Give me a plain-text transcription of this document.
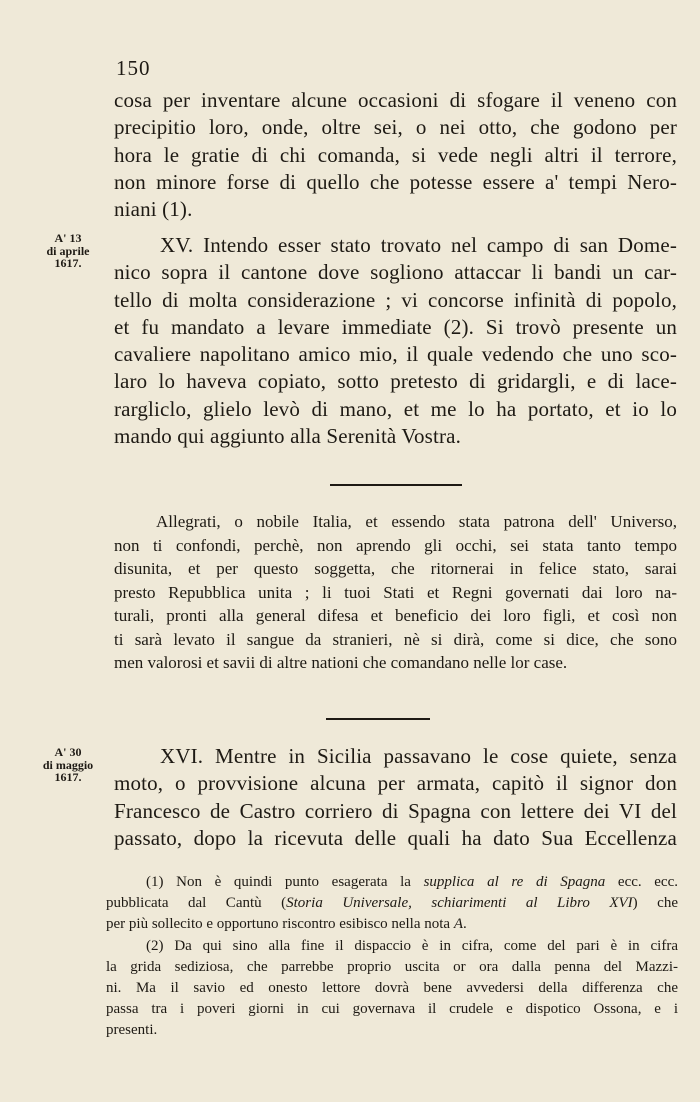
150
cosa per inventare alcune occasioni di sfogare il veneno con
precipitio loro, onde, oltre sei, o nei otto, che godono per
hora le gratie di chi comanda, si vede negli altri il terrore,
non minore forse di quello che potesse essere a' tempi Nero-
niani (1).
A' 13
di aprile
1617.
XV. Intendo esser stato trovato nel campo di san Dome-
nico sopra il cantone dove sogliono attaccar li bandi un car-
tello di molta considerazione ; vi concorse infinità di popolo,
et fu mandato a levare immediate (2). Si trovò presente un
cavaliere napolitano amico mio, il quale vedendo che uno sco-
laro lo haveva copiato, sotto pretesto di gridargli, e di lace-
rargliclo, glielo levò di mano, et me lo ha portato, et io lo
mando qui aggiunto alla Serenità Vostra.
Allegrati, o nobile Italia, et essendo stata patrona dell' Universo,
non ti confondi, perchè, non aprendo gli occhi, sei stata tanto tempo
disunita, et per questo soggetta, che ritornerai in felice stato, sarai
presto Repubblica unita ; li tuoi Stati et Regni governati dai loro na-
turali, pronti alla general difesa et beneficio dei loro figli, et così non
ti sarà levato il sangue da stranieri, nè si dirà, come si dice, che sono
men valorosi et savii di altre nationi che comandano nelle lor case.
A' 30
di maggio
1617.
XVI. Mentre in Sicilia passavano le cose quiete, senza
moto, o provvisione alcuna per armata, capitò il signor don
Francesco de Castro corriero di Spagna con lettere dei VI del
passato, dopo la ricevuta delle quali ha dato Sua Eccellenza
(1) Non è quindi punto esagerata la supplica al re di Spagna ecc. ecc.
pubblicata dal Cantù (Storia Universale, schiarimenti al Libro XVI) che
per più sollecito e opportuno riscontro esibisco nella nota A.
(2) Da qui sino alla fine il dispaccio è in cifra, come del pari è in cifra
la grida sediziosa, che parrebbe proprio uscita or ora dalla penna del Mazzi-
ni. Ma il savio ed onesto lettore dovrà bene avvedersi della differenza che
passa tra i poveri giorni in cui governava il crudele e dispotico Ossona, e i
presenti.
